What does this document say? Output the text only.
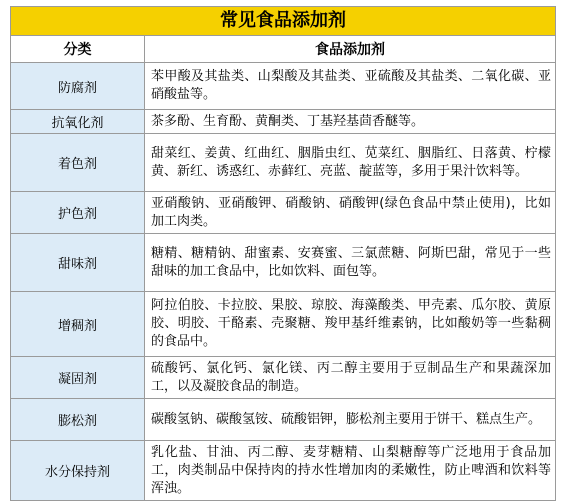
常见食品添加剂	
分类	食品添加剂
防腐剂	苯甲酸及其盐类、山梨酸及其盐类、亚硫酸及其盐类、二氧化碳、亚硝酸盐等。
抗氧化剂	茶多酚、生育酚、黄酮类、丁基羟基茴香醚等。
着色剂	甜菜红、姜黄、红曲红、胭脂虫红、苋菜红、胭脂红、日落黄、柠檬黄、新红、诱惑红、赤藓红、亮蓝、靛蓝等，多用于果汁饮料等。
护色剂	亚硝酸钠、亚硝酸钾、硝酸钠、硝酸钾(绿色食品中禁止使用)，比如加工肉类。
甜味剂	糖精、糖精钠、甜蜜素、安赛蜜、三氯蔗糖、阿斯巴甜，常见于一些甜味的加工食品中，比如饮料、面包等。
增稠剂	阿拉伯胶、卡拉胶、果胶、琼胶、海藻酸类、甲壳素、瓜尔胶、黄原胶、明胶、干酪素、壳聚糖、羧甲基纤维素钠，比如酸奶等一些黏稠的食品中。
凝固剂	硫酸钙、氯化钙、氯化镁、丙二醇主要用于豆制品生产和果蔬深加工，以及凝胶食品的制造。
膨松剂	碳酸氢钠、碳酸氢铵、硫酸铝钾，膨松剂主要用于饼干、糕点生产。
水分保持剂	乳化盐、甘油、丙二醇、麦芽糖精、山梨糖醇等广泛地用于食品加工，肉类制品中保持肉的持水性增加肉的柔嫩性，防止啤酒和饮料等浑浊。
